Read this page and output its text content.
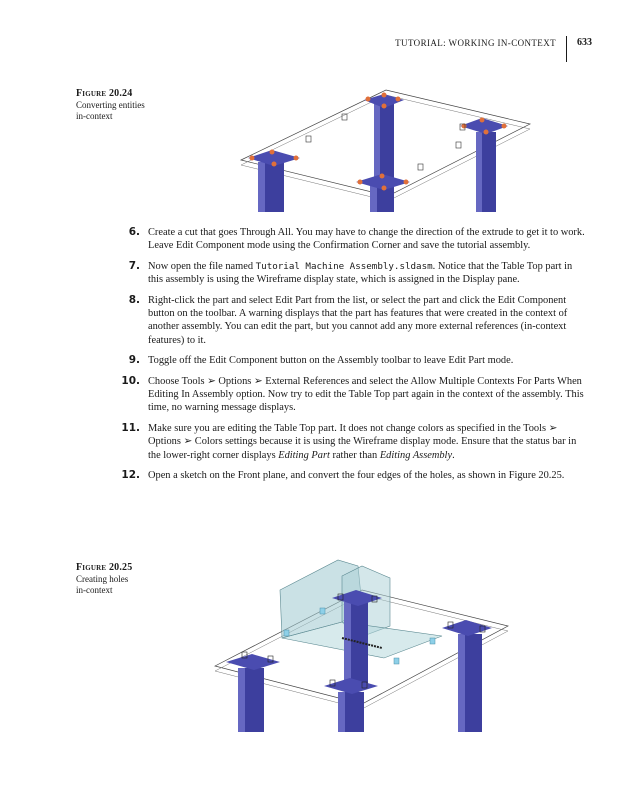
TUTORIAL: WORKING IN-CONTEXT 633
Figure 20.24
Converting entities
in-context
6. Create a cut that goes Through All. You may have to change the direction of the extrude to get it to work. Leave Edit Component mode using the Confirmation Corner and save the tutorial assembly.
7. Now open the file named Tutorial Machine Assembly.sldasm. Notice that the Table Top part in this assembly is using the Wireframe display state, which is assigned in the Display pane.
8. Right-click the part and select Edit Part from the list, or select the part and click the Edit Component button on the toolbar. A warning displays that the part has features that were created in the context of another assembly. You can edit the part, but you cannot add any more external references (in-context features) to it.
9. Toggle off the Edit Component button on the Assembly toolbar to leave Edit Part mode.
10. Choose Tools ➢ Options ➢ External References and select the Allow Multiple Contexts For Parts When Editing In Assembly option. Now try to edit the Table Top part again in the context of the assembly. This time, no warning message displays.
11. Make sure you are editing the Table Top part. It does not change colors as specified in the Tools ➢ Options ➢ Colors settings because it is using the Wireframe display mode. Ensure that the status bar in the lower-right corner displays Editing Part rather than Editing Assembly.
12. Open a sketch on the Front plane, and convert the four edges of the holes, as shown in Figure 20.25.
Figure 20.25
Creating holes
in-context
